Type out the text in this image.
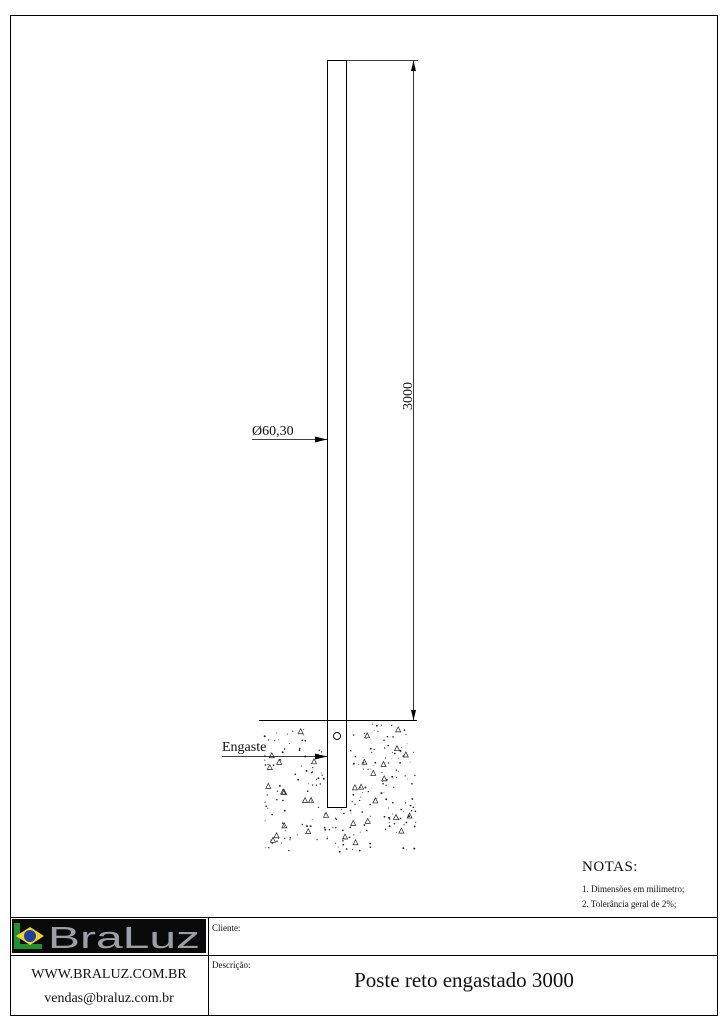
BraLuz
Ø60,30
3000
Engaste
NOTAS:
1. Dimensões em milimetro;
2. Tolerância geral de 2%;
Cliente:
Descrição:
Poste reto engastado 3000
WWW.BRALUZ.COM.BR
vendas@braluz.com.br
